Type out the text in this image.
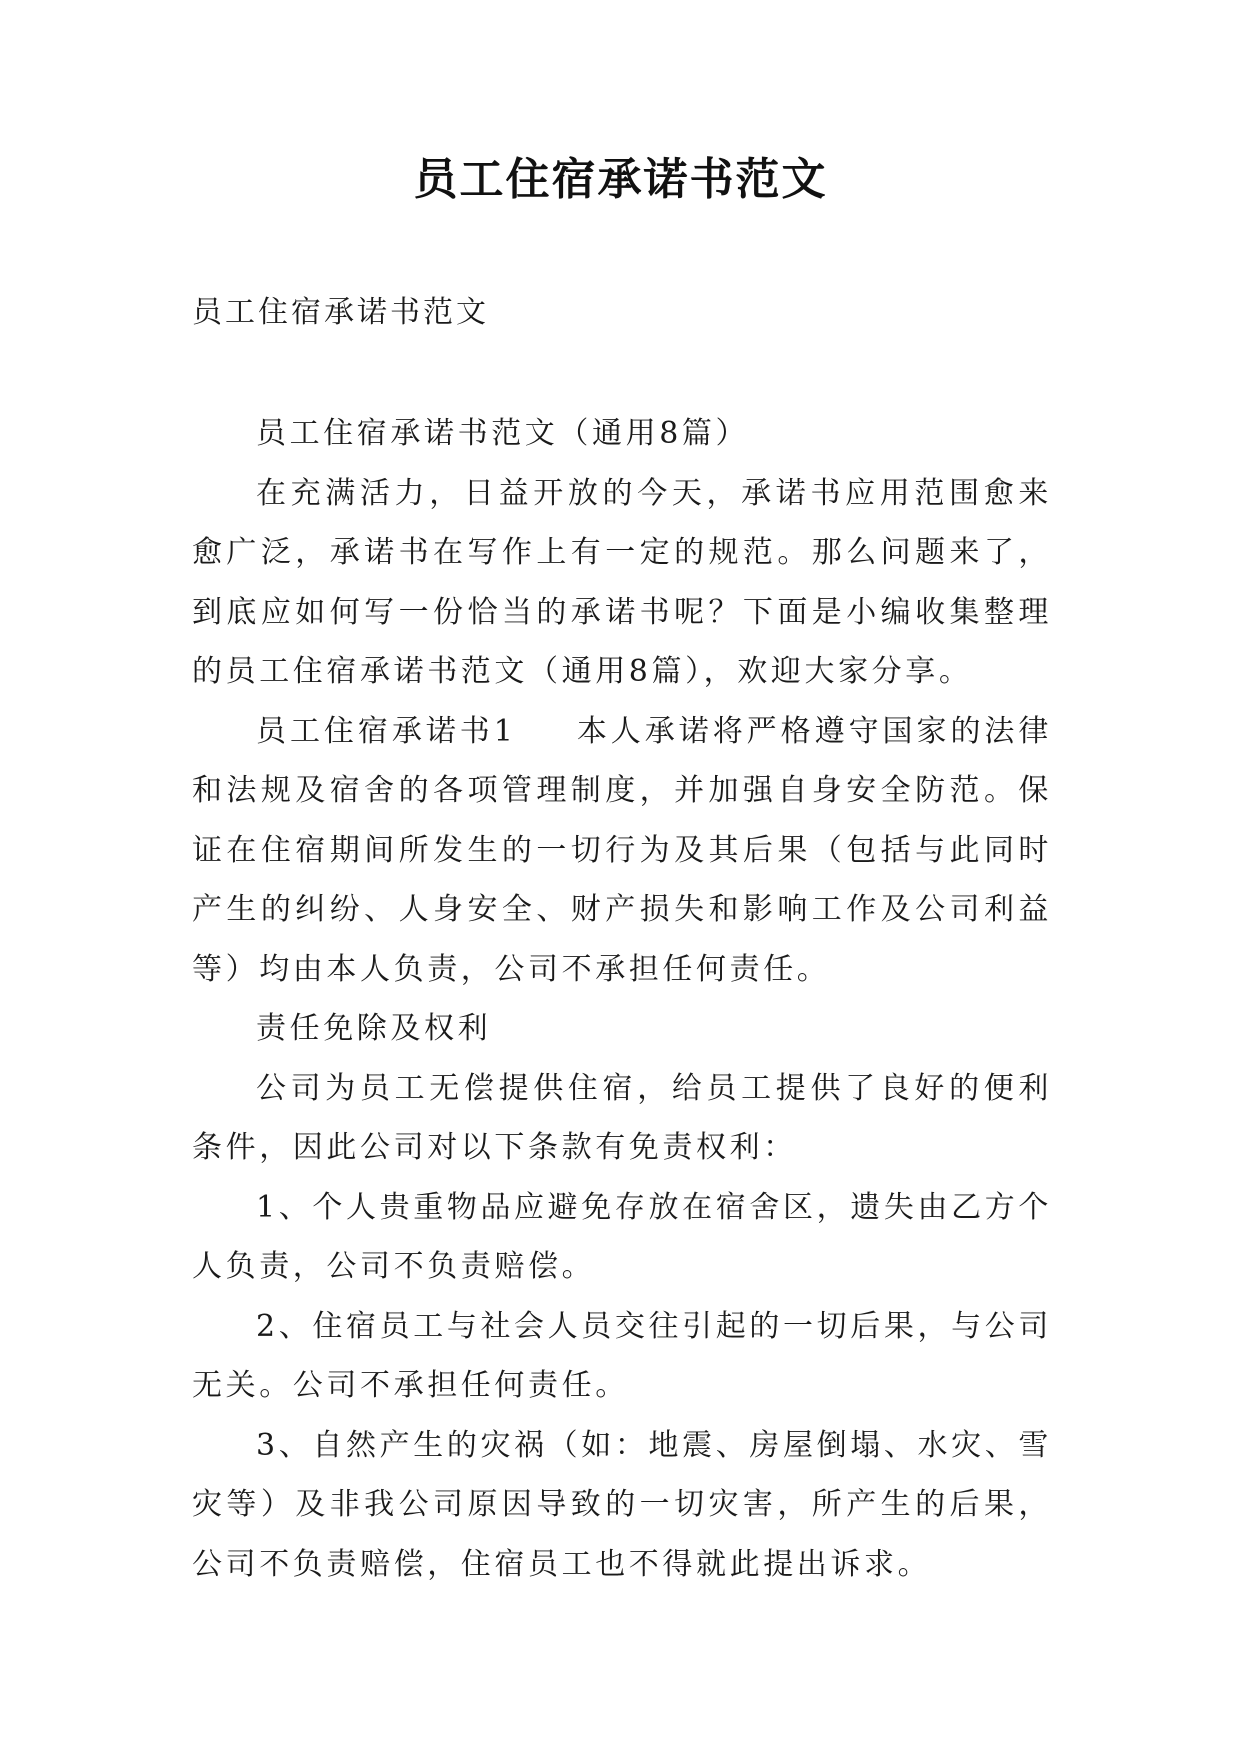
员工住宿承诺书范文

员工住宿承诺书范文

员工住宿承诺书范文（通用8篇）

在充满活力，日益开放的今天，承诺书应用范围愈来愈广泛，承诺书在写作上有一定的规范。那么问题来了，到底应如何写一份恰当的承诺书呢？下面是小编收集整理的员工住宿承诺书范文（通用8篇），欢迎大家分享。

员工住宿承诺书1 本人承诺将严格遵守国家的法律和法规及宿舍的各项管理制度，并加强自身安全防范。保证在住宿期间所发生的一切行为及其后果（包括与此同时产生的纠纷、人身安全、财产损失和影响工作及公司利益等）均由本人负责，公司不承担任何责任。

责任免除及权利

公司为员工无偿提供住宿，给员工提供了良好的便利条件，因此公司对以下条款有免责权利：

1、个人贵重物品应避免存放在宿舍区，遗失由乙方个人负责，公司不负责赔偿。

2、住宿员工与社会人员交往引起的一切后果，与公司无关。公司不承担任何责任。

3、自然产生的灾祸（如：地震、房屋倒塌、水灾、雪灾等）及非我公司原因导致的一切灾害，所产生的后果，公司不负责赔偿，住宿员工也不得就此提出诉求。
